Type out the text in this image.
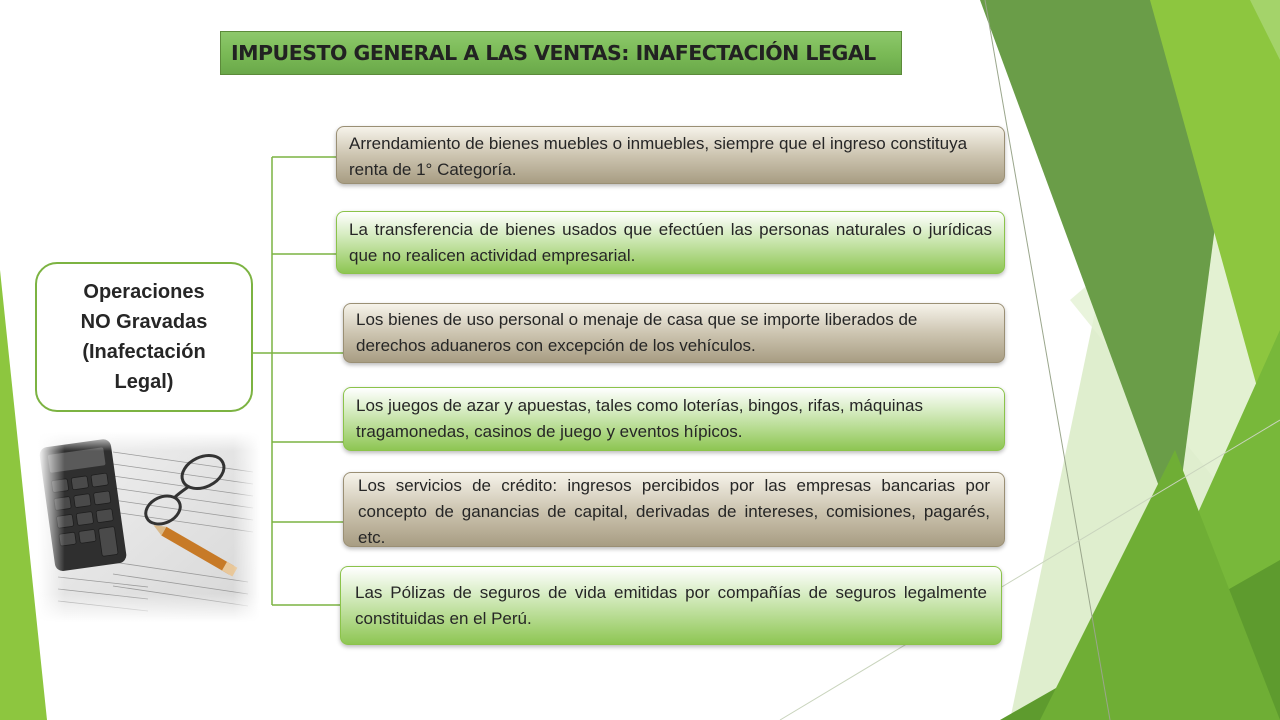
IMPUESTO GENERAL A LAS VENTAS: INAFECTACIÓN LEGAL
Operaciones
NO Gravadas
(Inafectación
Legal)
Arrendamiento de bienes muebles o inmuebles, siempre que el ingreso constituya renta de 1° Categoría.
La transferencia de bienes usados que efectúen las personas naturales o jurídicas que no realicen actividad empresarial.
Los bienes de uso personal o menaje de casa que se importe liberados de derechos aduaneros con excepción de los vehículos.
Los juegos de azar y apuestas, tales como loterías, bingos, rifas, máquinas tragamonedas, casinos de juego y eventos hípicos.
Los servicios de crédito: ingresos percibidos por las empresas bancarias por concepto de ganancias de capital, derivadas de intereses, comisiones, pagarés, etc.
Las Pólizas de seguros de vida emitidas por compañías de seguros legalmente constituidas en el Perú.
